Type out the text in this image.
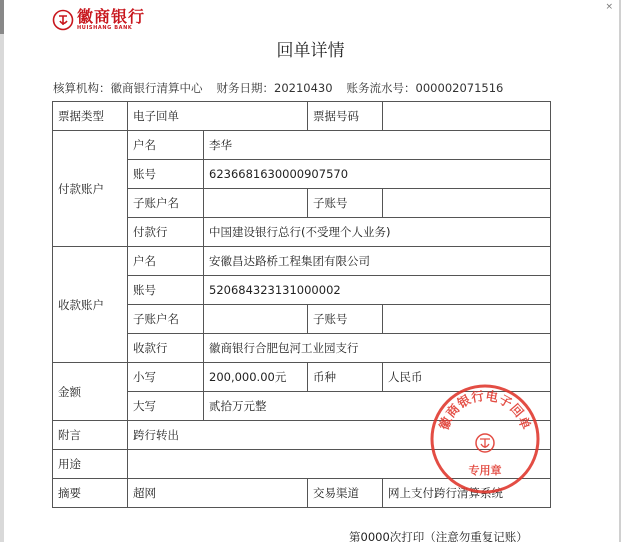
×
徽商银行
HUISHANG BANK
回单详情
核算机构：徽商银行清算中心 财务日期：20210430 账务流水号：000002071516
票据类型	电子回单		票据号码	
付款账户	户名	李华		
	账号	6236681630000907570		
	子账户名		子账号	
	付款行	中国建设银行总行(不受理个人业务)		
收款账户	户名	安徽昌达路桥工程集团有限公司		
	账号	520684323131000002		
	子账户名		子账号	
	收款行	徽商银行合肥包河工业园支行		
金额	小写	200,000.00元	币种	人民币
	大写	贰拾万元整		
附言	跨行转出			
用途				
摘要	超网		交易渠道	网上支付跨行清算系统
徽商银行电子回单
专用章
第0000次打印（注意勿重复记账）
